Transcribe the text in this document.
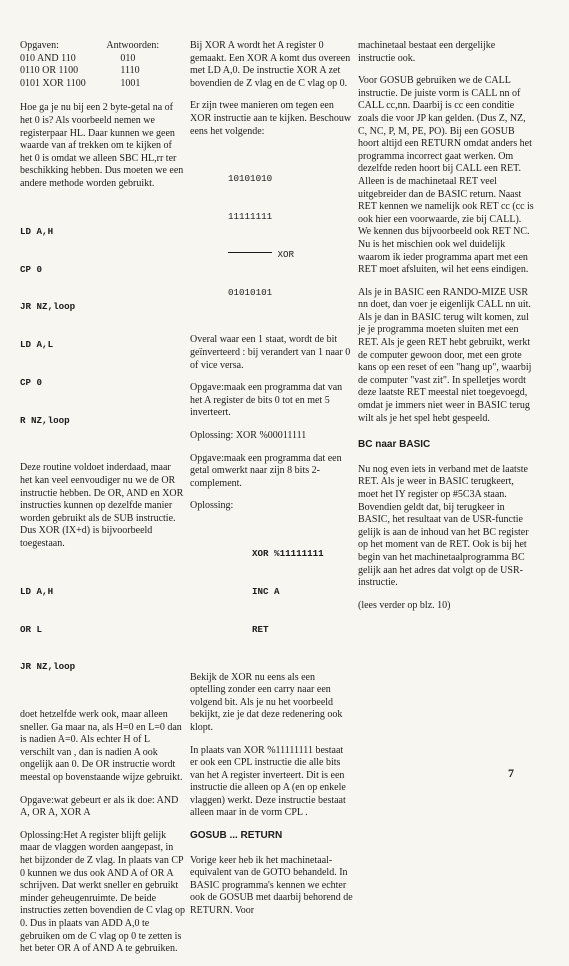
Opgaven:
010 AND 110
0110 OR 1100
0101 XOR 1100
Antwoorden:
010
1110
1001

Hoe ga je nu bij een 2 byte-getal na of het 0 is? Als voorbeeld nemen we registerpaar HL. Daar kunnen we geen waarde van af trekken om te kijken of het 0 is omdat we alleen SBC HL,rr ter beschikking hebben. Dus moeten we een andere methode worden gebruikt.

LD A,H

CP 0

JR NZ,loop

LD A,L

CP 0

R NZ,loop

Deze routine voldoet inderdaad, maar het kan veel eenvoudiger nu we de OR instructie hebben. De OR, AND en XOR instructies kunnen op dezelfde manier worden gebruikt als de SUB instructie. Dus XOR (IX+d) is bijvoorbeeld toegestaan.

LD A,H

OR L

JR NZ,loop

doet hetzelfde werk ook, maar alleen sneller. Ga maar na, als H=0 en L=0 dan is nadien A=0. Als echter H of L verschilt van , dan is nadien A ook ongelijk aan 0. De OR instructie wordt meestal op bovenstaande wijze gebruikt.

Opgave:wat gebeurt er als ik doe: AND A, OR A, XOR A

Oplossing:Het A register blijft gelijk maar de vlaggen worden aangepast, in het bijzonder de Z vlag. In plaats van CP 0 kunnen we dus ook AND A of OR A schrijven. Dat werkt sneller en gebruikt minder geheugenruimte. De beide instructies zetten bovendien de C vlag op 0. Dus in plaats van ADD A,0 te gebruiken om de C vlag op 0 te zetten is het beter OR A of AND A te gebruiken.

Bij XOR A wordt het A register 0 gemaakt. Een XOR A komt dus overeen met LD A,0. De instructie XOR A zet bovendien de Z vlag en de C vlag op 0.

Er zijn twee manieren om tegen een XOR instructie aan te kijken. Beschouw eens het volgende:

10101010

11111111

XOR

01010101

Overal waar een 1 staat, wordt de bit geïnverteerd : bij verandert van 1 naar 0 of vice versa.

Opgave:maak een programma dat van het A register de bits 0 tot en met 5 inverteert.

Oplossing: XOR %00011111

Opgave:maak een programma dat een getal omwerkt naar zijn 8 bits 2-complement.

Oplossing:

XOR %11111111

INC A

RET

Bekijk de XOR nu eens als een optelling zonder een carry naar een volgend bit. Als je nu het voorbeeld bekijkt, zie je dat deze redenering ook klopt.

In plaats van XOR %11111111 bestaat er ook een CPL instructie die alle bits van het A register inverteert. Dit is een instructie die alleen op A (en op enkele vlaggen) werkt. Deze instructie bestaat alleen maar in de vorm CPL .

GOSUB ... RETURN

Vorige keer heb ik het machinetaal-equivalent van de GOTO behandeld. In BASIC programma's kennen we echter ook de GOSUB met daarbij behorend de RETURN. Voor

machinetaal bestaat een dergelijke instructie ook.

Voor GOSUB gebruiken we de CALL instructie. De juiste vorm is CALL nn of CALL cc,nn. Daarbij is cc een conditie zoals die voor JP kan gelden. (Dus Z, NZ, C, NC, P, M, PE, PO). Bij een GOSUB hoort altijd een RETURN omdat anders het programma incorrect gaat werken. Om dezelfde reden hoort bij CALL een RET. Alleen is de machinetaal RET veel uitgebreider dan de BASIC return. Naast RET kennen we namelijk ook RET cc (cc is ook hier een voorwaarde, zie bij CALL). We kennen dus bijvoorbeeld ook RET NC. Nu is het mischien ook wel duidelijk waarom ik ieder programma apart met een RET moet afsluiten, wil het eens eindigen.

Als je in BASIC een RANDO-MIZE USR nn doet, dan voer je eigenlijk CALL nn uit. Als je dan in BASIC terug wilt komen, zul je je programma moeten sluiten met een RET. Als je geen RET hebt gebruikt, werkt de computer gewoon door, met een grote kans op een reset of een "hang up", waarbij de computer "vast zit". In spelletjes wordt deze laatste RET meestal niet toegevoegd, omdat je immers niet weer in BASIC terug wilt als je het spel hebt gespeeld.

BC naar BASIC

Nu nog even iets in verband met de laatste RET. Als je weer in BASIC terugkeert, moet het IY register op #5C3A staan. Bovendien geldt dat, bij terugkeer in BASIC, het resultaat van de USR-functie gelijk is aan de inhoud van het BC register op het moment van de RET. Ook is bij het begin van het machinetaalprogramma BC gelijk aan het adres dat volgt op de USR-instructie.

(lees verder op blz. 10)

7
